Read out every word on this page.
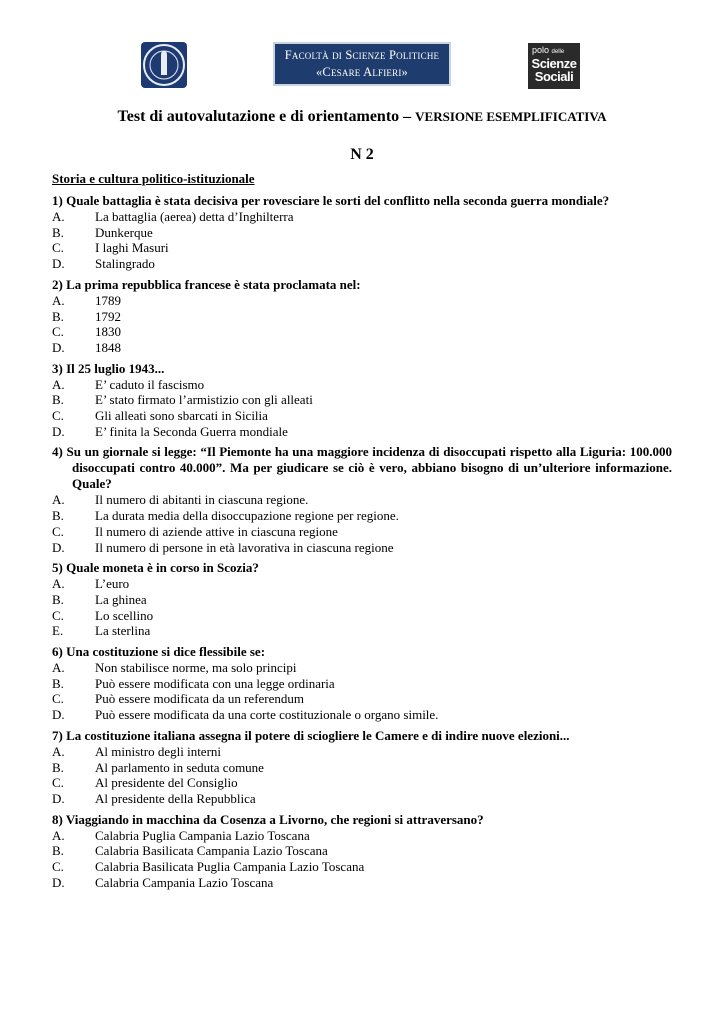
Facoltà di Scienze Politiche
«Cesare Alfieri»
polo delle
Scienze
Sociali
Test di autovalutazione e di orientamento – VERSIONE ESEMPLIFICATIVA
N 2
Storia e cultura politico-istituzionale
1) Quale battaglia è stata decisiva per rovesciare le sorti del conflitto nella seconda guerra mondiale?
A.	La battaglia (aerea) detta d’Inghilterra
B.	Dunkerque
C.	I laghi Masuri
D.	Stalingrado
2) La prima repubblica francese è stata proclamata nel:
A.	1789
B.	1792
C.	1830
D.	1848
3) Il 25 luglio 1943...
A.	E’ caduto il fascismo
B.	E’ stato firmato l’armistizio con gli alleati
C.	Gli alleati sono sbarcati in Sicilia
D.	E’ finita la Seconda Guerra mondiale
4) Su un giornale si legge: “Il Piemonte ha una maggiore incidenza di disoccupati rispetto alla Liguria: 100.000 disoccupati contro 40.000”. Ma per giudicare se ciò è vero, abbiano bisogno di un’ulteriore informazione. Quale?
A.	Il numero di abitanti in ciascuna regione.
B.	La durata media della disoccupazione regione per regione.
C.	Il numero di aziende attive in ciascuna regione
D.	Il numero di persone in età lavorativa in ciascuna regione
5) Quale moneta è in corso in Scozia?
A.	L’euro
B.	La ghinea
C.	Lo scellino
E.	La sterlina
6) Una costituzione si dice flessibile se:
A.	Non stabilisce norme, ma solo principi
B.	Può essere modificata con una legge ordinaria
C.	Può essere modificata da un referendum
D.	Può essere modificata da una corte costituzionale o organo simile.
7) La costituzione italiana assegna il potere di sciogliere le Camere e di indire nuove elezioni...
A.	Al ministro degli interni
B.	Al parlamento in seduta comune
C.	Al presidente del Consiglio
D.	Al presidente della Repubblica
8) Viaggiando in macchina da Cosenza a Livorno, che regioni si attraversano?
A.	Calabria Puglia Campania Lazio Toscana
B.	Calabria Basilicata Campania Lazio Toscana
C.	Calabria Basilicata Puglia Campania Lazio Toscana
D.	Calabria Campania Lazio Toscana
